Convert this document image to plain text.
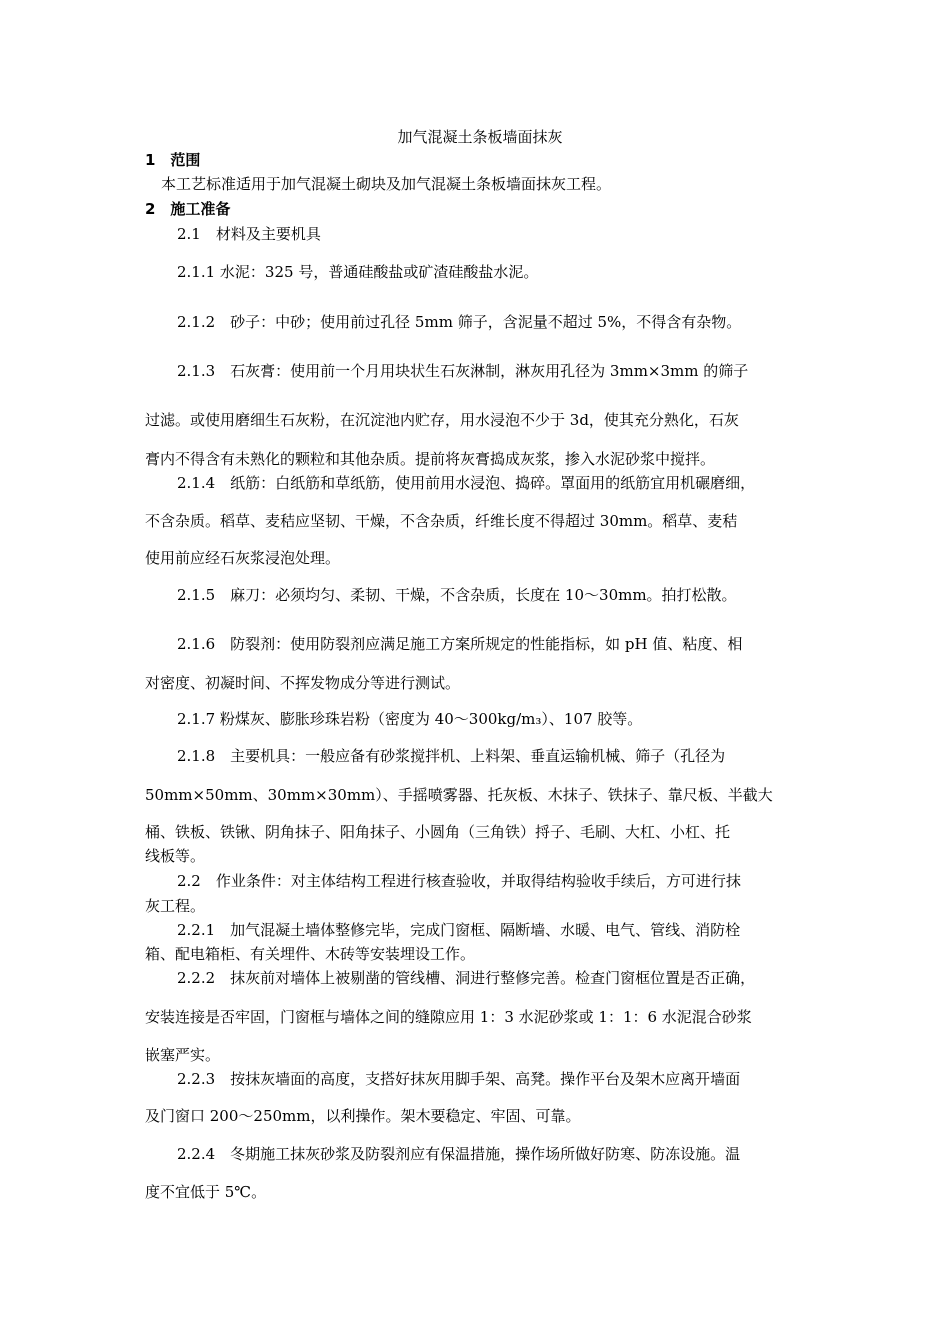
加气混凝土条板墙面抹灰
1　范围
本工艺标准适用于加气混凝土砌块及加气混凝土条板墙面抹灰工程。
2　施工准备
2.1　材料及主要机具
2.1.1 水泥：325 号，普通硅酸盐或矿渣硅酸盐水泥。
2.1.2　砂子：中砂；使用前过孔径 5mm 筛子，含泥量不超过 5%，不得含有杂物。
2.1.3　石灰膏：使用前一个月用块状生石灰淋制，淋灰用孔径为 3mm×3mm 的筛子
过滤。或使用磨细生石灰粉，在沉淀池内贮存，用水浸泡不少于 3d，使其充分熟化，石灰
膏内不得含有未熟化的颗粒和其他杂质。提前将灰膏捣成灰浆，掺入水泥砂浆中搅拌。
2.1.4　纸筋：白纸筋和草纸筋，使用前用水浸泡、捣碎。罩面用的纸筋宜用机碾磨细，
不含杂质。稻草、麦秸应坚韧、干燥，不含杂质，纤维长度不得超过 30mm。稻草、麦秸
使用前应经石灰浆浸泡处理。
2.1.5　麻刀：必须均匀、柔韧、干燥，不含杂质，长度在 10～30mm。拍打松散。
2.1.6　防裂剂：使用防裂剂应满足施工方案所规定的性能指标，如 pH 值、粘度、相
对密度、初凝时间、不挥发物成分等进行测试。
2.1.7 粉煤灰、膨胀珍珠岩粉（密度为 40～300kg/m₃）、107 胶等。
2.1.8　主要机具：一般应备有砂浆搅拌机、上料架、垂直运输机械、筛子（孔径为
50mm×50mm、30mm×30mm）、手摇喷雾器、托灰板、木抹子、铁抹子、靠尺板、半截大
桶、铁板、铁锹、阴角抹子、阳角抹子、小圆角（三角铁）捋子、毛刷、大杠、小杠、托
线板等。
2.2　作业条件：对主体结构工程进行核查验收，并取得结构验收手续后，方可进行抹
灰工程。
2.2.1　加气混凝土墙体整修完毕，完成门窗框、隔断墙、水暖、电气、管线、消防栓
箱、配电箱柜、有关埋件、木砖等安装埋设工作。
2.2.2　抹灰前对墙体上被剔凿的管线槽、洞进行整修完善。检查门窗框位置是否正确，
安装连接是否牢固，门窗框与墙体之间的缝隙应用 1：3 水泥砂浆或 1：1：6 水泥混合砂浆
嵌塞严实。
2.2.3　按抹灰墙面的高度，支搭好抹灰用脚手架、高凳。操作平台及架木应离开墙面
及门窗口 200～250mm，以利操作。架木要稳定、牢固、可靠。
2.2.4　冬期施工抹灰砂浆及防裂剂应有保温措施，操作场所做好防寒、防冻设施。温
度不宜低于 5℃。
